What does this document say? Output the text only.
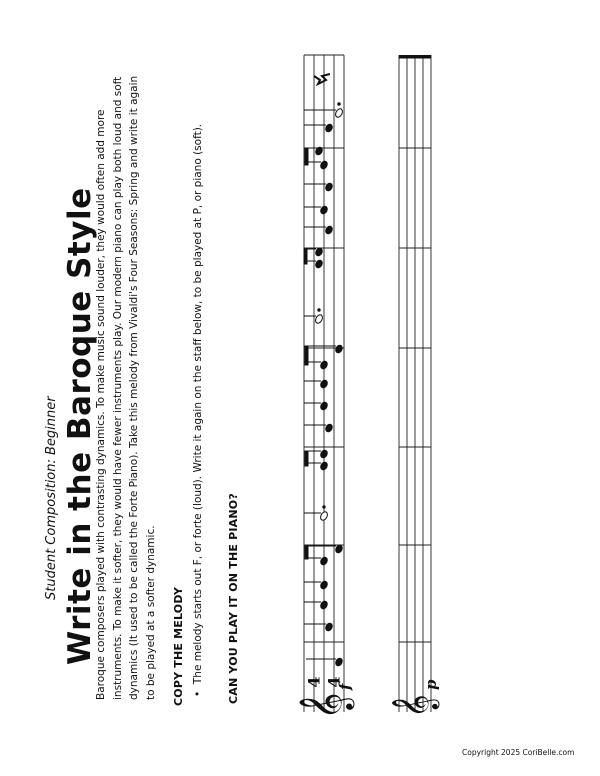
Student Composition: Beginner Write in the Baroque Style
Baroque composers played with contrasting dynamics. To make music sound louder, they would often add more instruments. To make it softer, they would have fewer instruments play. Our modern piano can play both loud and soft dynamics (It used to be called the Forte Piano). Take this melody from Vivaldi's Four Seasons: Spring and write it again to be played at a softer dynamic. COPY THE MELODY •  The melody starts out F, or forte (loud). Write it again on the staff below, to be played at P, or piano (soft). CAN YOU PLAY IT ON THE PIANO?
Copyright 2025 CoriBelle.com
𝄞
4 4
f
𝄞
p
